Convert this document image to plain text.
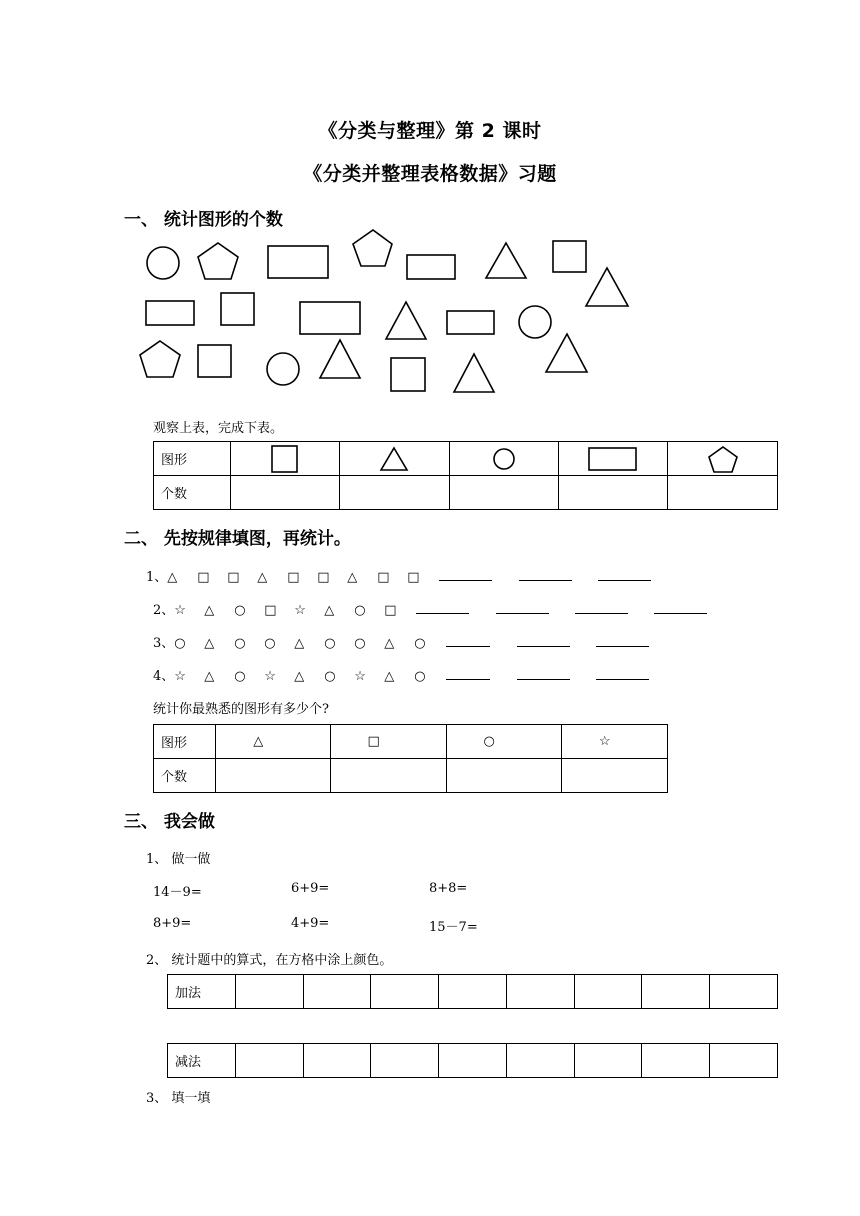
《分类与整理》第 2 课时
《分类并整理表格数据》习题
一、 统计图形的个数
观察上表，完成下表。
图形	

个数					
二、 先按规律填图，再统计。
1、△ □ □ △ □ □ △ □ □
2、☆ △ ○ □ ☆ △ ○ □
3、○ △ ○ ○ △ ○ ○ △ ○
4、☆ △ ○ ☆ △ ○ ☆ △ ○
统计你最熟悉的图形有多少个?
图形	△	□	○	☆
个数				
三、 我会做
1、 做一做
14－9=	6+9=	8+8=
8+9=	4+9=	15－7=
2、 统计题中的算式，在方格中涂上颜色。
加法								
减法								
3、 填一填
